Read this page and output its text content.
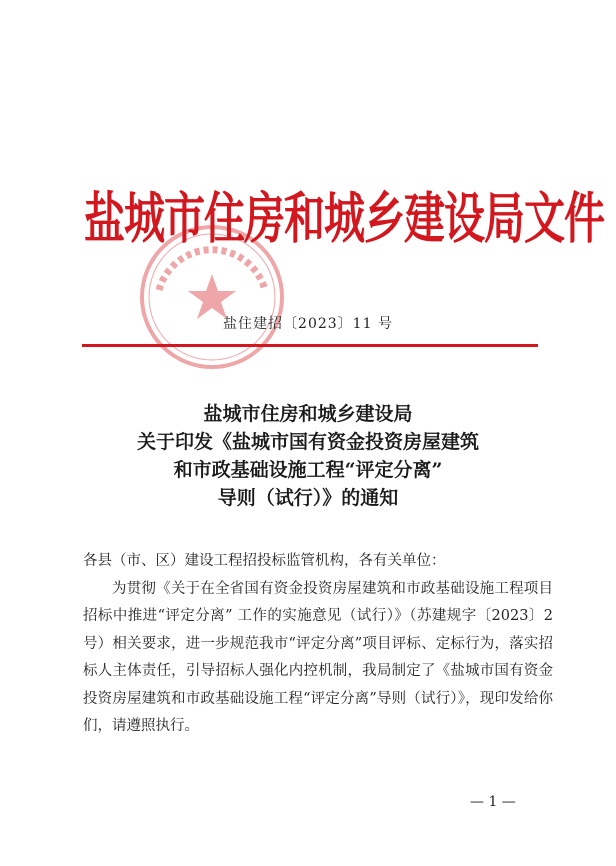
盐城市住房和城乡建设局文件
盐住建招〔2023〕11 号
盐城市住房和城乡建设局
关于印发《盐城市国有资金投资房屋建筑
和市政基础设施工程“评定分离”
导则（试行）》的通知
各县（市、区）建设工程招投标监管机构，各有关单位：

为贯彻《关于在全省国有资金投资房屋建筑和市政基础设施工程项目招标中推进“评定分离” 工作的实施意见（试行）》（苏建规字〔2023〕2号）相关要求，进一步规范我市“评定分离”项目评标、定标行为，落实招标人主体责任，引导招标人强化内控机制，我局制定了《盐城市国有资金投资房屋建筑和市政基础设施工程“评定分离”导则（试行）》，现印发给你们，请遵照执行。

— 1 —
